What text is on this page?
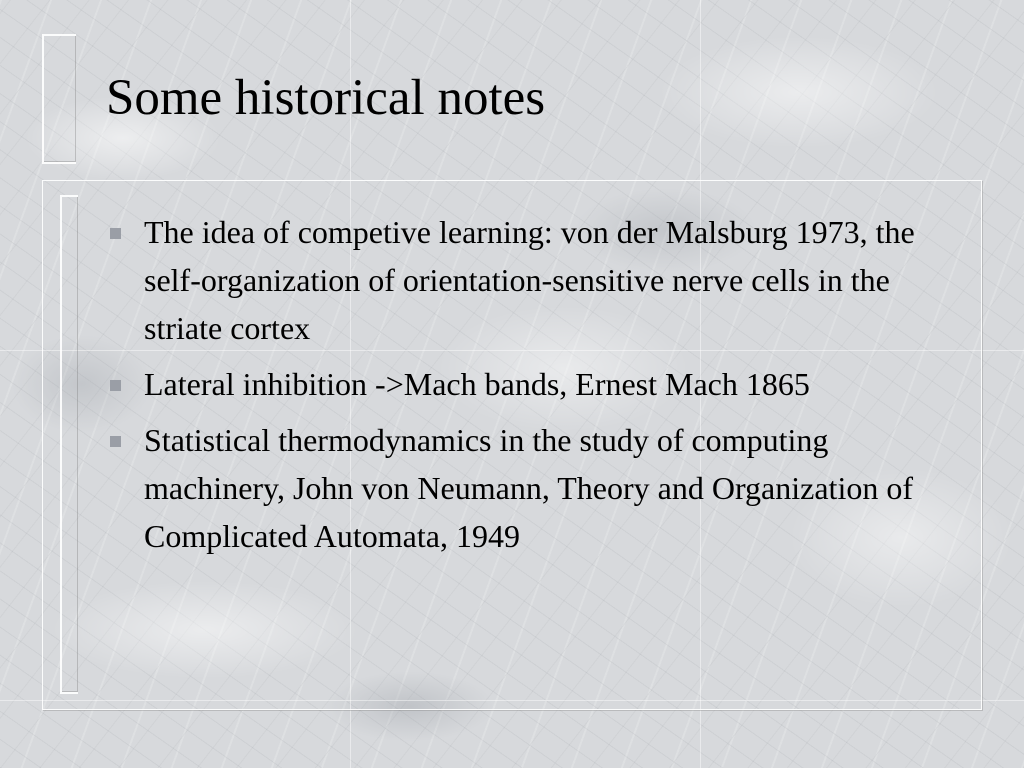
Some historical notes
The idea of competive learning: von der Malsburg 1973, the self-organization of orientation-sensitive nerve cells in the striate cortex
Lateral inhibition ->Mach bands, Ernest Mach 1865
Statistical thermodynamics in the study of computing machinery, John von Neumann, Theory and Organization of Complicated Automata, 1949
